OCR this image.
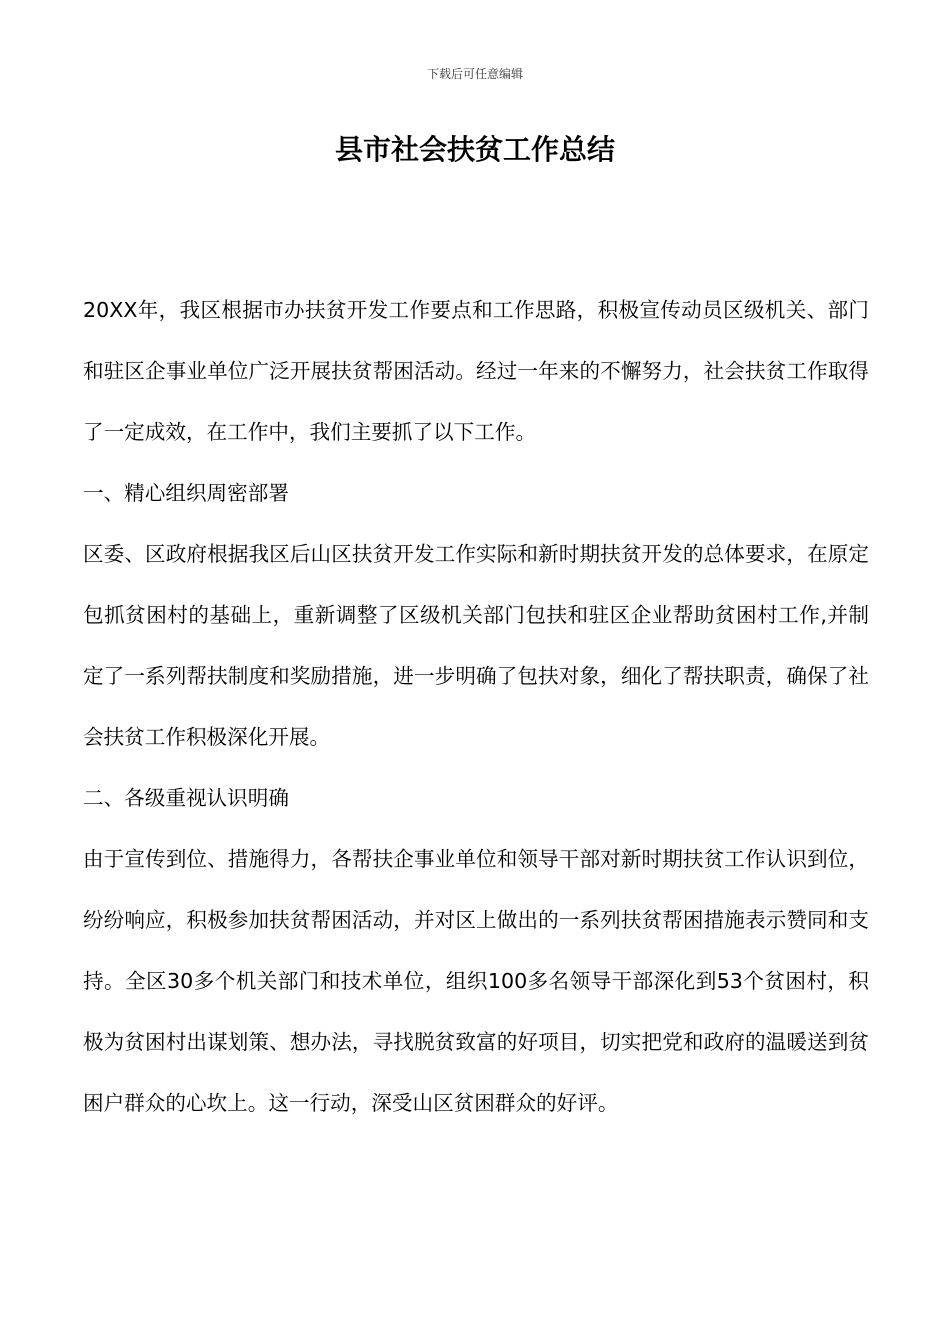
下载后可任意编辑
县市社会扶贫工作总结

20XX年，我区根据市办扶贫开发工作要点和工作思路，积极宣传动员区级机关、部门和驻区企事业单位广泛开展扶贫帮困活动。经过一年来的不懈努力，社会扶贫工作取得了一定成效，在工作中，我们主要抓了以下工作。

一、精心组织周密部署

区委、区政府根据我区后山区扶贫开发工作实际和新时期扶贫开发的总体要求，在原定包抓贫困村的基础上，重新调整了区级机关部门包扶和驻区企业帮助贫困村工作,并制定了一系列帮扶制度和奖励措施，进一步明确了包扶对象，细化了帮扶职责，确保了社会扶贫工作积极深化开展。

二、各级重视认识明确

由于宣传到位、措施得力，各帮扶企事业单位和领导干部对新时期扶贫工作认识到位，纷纷响应，积极参加扶贫帮困活动，并对区上做出的一系列扶贫帮困措施表示赞同和支持。全区30多个机关部门和技术单位，组织100多名领导干部深化到53个贫困村，积极为贫困村出谋划策、想办法，寻找脱贫致富的好项目，切实把党和政府的温暖送到贫困户群众的心坎上。这一行动，深受山区贫困群众的好评。
